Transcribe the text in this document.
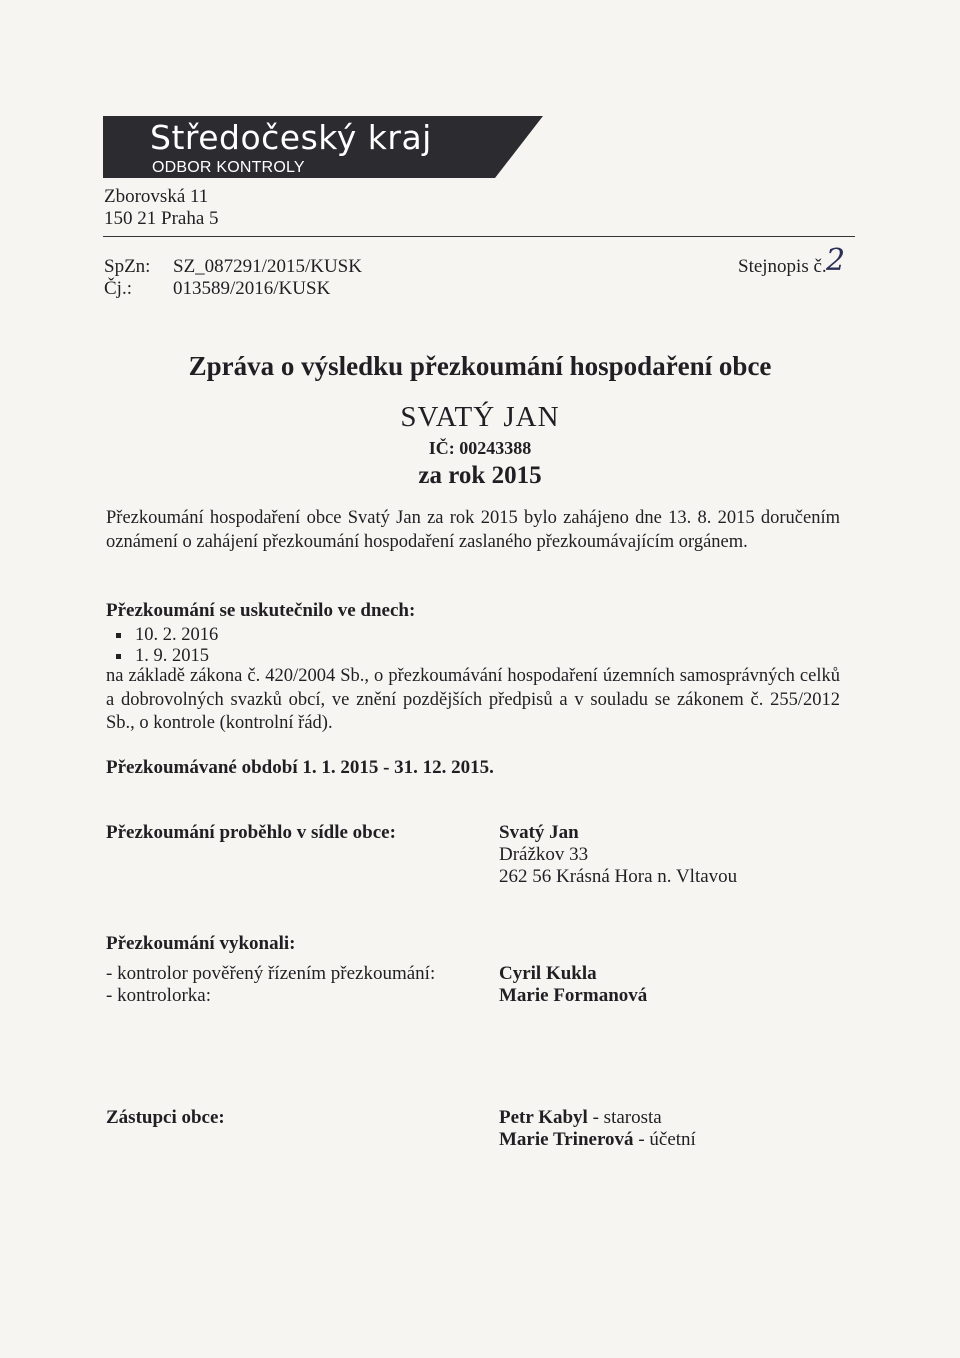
Středočeský kraj
ODBOR KONTROLY
Zborovská 11
150 21 Praha 5
SpZn: SZ_087291/2015/KUSK
Čj.: 013589/2016/KUSK
Stejnopis č. 2
Zpráva o výsledku přezkoumání hospodaření obce
SVATÝ JAN
IČ: 00243388
za rok 2015
Přezkoumání hospodaření obce Svatý Jan za rok 2015 bylo zahájeno dne 13. 8. 2015 doručením oznámení o zahájení přezkoumání hospodaření zaslaného přezkoumávajícím orgánem.
Přezkoumání se uskutečnilo ve dnech:
10. 2. 2016
1. 9. 2015
na základě zákona č. 420/2004 Sb., o přezkoumávání hospodaření územních samosprávných celků a dobrovolných svazků obcí, ve znění pozdějších předpisů a v souladu se zákonem č. 255/2012 Sb., o kontrole (kontrolní řád).
Přezkoumávané období 1. 1. 2015 - 31. 12. 2015.
Přezkoumání proběhlo v sídle obce:	Svatý Jan
Drážkov 33
262 56 Krásná Hora n. Vltavou
Přezkoumání vykonali:
- kontrolor pověřený řízením přezkoumání:
- kontrolorka:
Cyril Kukla
Marie Formanová
Zástupci obce:	Petr Kabyl - starosta
Marie Trinerová - účetní
